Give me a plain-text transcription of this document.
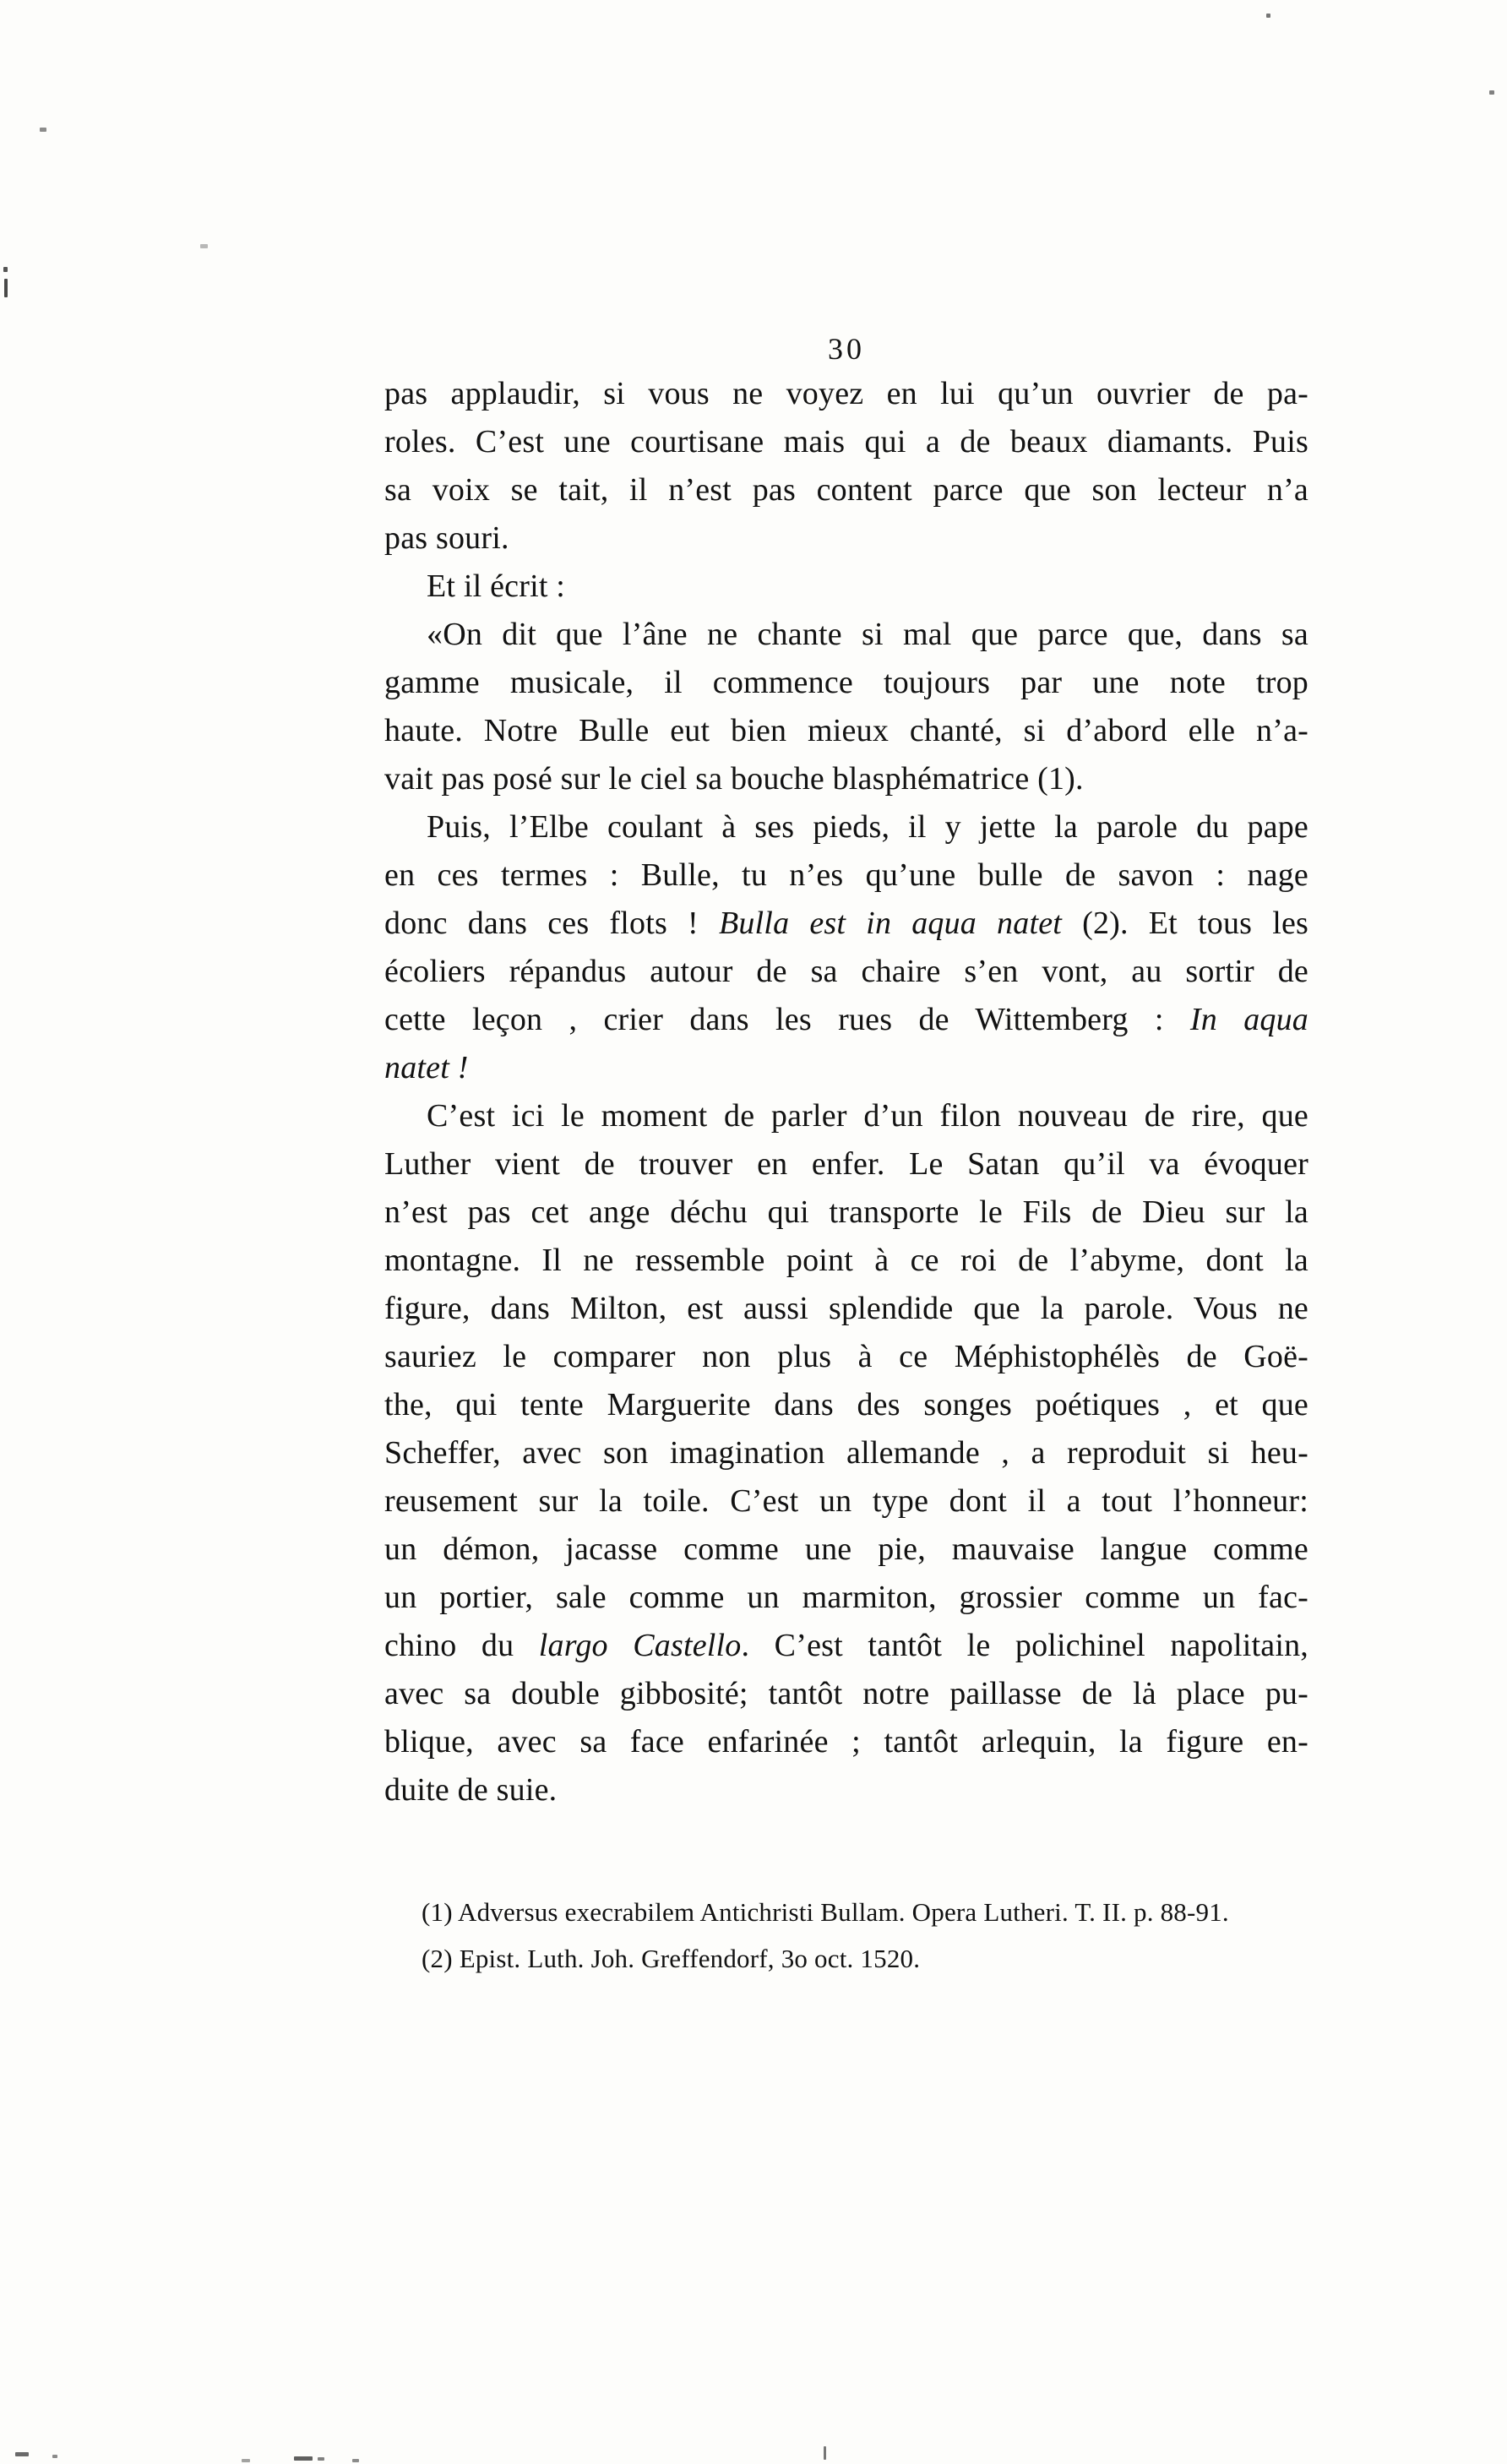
30
pas applaudir, si vous ne voyez en lui qu’un ouvrier de pa-
roles. C’est une courtisane mais qui a de beaux diamants. Puis
sa voix se tait, il n’est pas content parce que son lecteur n’a
pas souri.
Et il écrit :
«On dit que l’âne ne chante si mal que parce que, dans sa
gamme musicale, il commence toujours par une note trop
haute. Notre Bulle eut bien mieux chanté, si d’abord elle n’a-
vait pas posé sur le ciel sa bouche blasphématrice (1).
Puis, l’Elbe coulant à ses pieds, il y jette la parole du pape
en ces termes : Bulle, tu n’es qu’une bulle de savon : nage
donc dans ces flots ! Bulla est in aqua natet (2). Et tous les
écoliers répandus autour de sa chaire s’en vont, au sortir de
cette leçon , crier dans les rues de Wittemberg : In aqua
natet !
C’est ici le moment de parler d’un filon nouveau de rire, que
Luther vient de trouver en enfer. Le Satan qu’il va évoquer
n’est pas cet ange déchu qui transporte le Fils de Dieu sur la
montagne. Il ne ressemble point à ce roi de l’abyme, dont la
figure, dans Milton, est aussi splendide que la parole. Vous ne
sauriez le comparer non plus à ce Méphistophélès de Goë-
the, qui tente Marguerite dans des songes poétiques , et que
Scheffer, avec son imagination allemande , a reproduit si heu-
reusement sur la toile. C’est un type dont il a tout l’honneur:
un démon, jacasse comme une pie, mauvaise langue comme
un portier, sale comme un marmiton, grossier comme un fac-
chino du largo Castello. C’est tantôt le polichinel napolitain,
avec sa double gibbosité; tantôt notre paillasse de lȧ place pu-
blique, avec sa face enfarinée ; tantôt arlequin, la figure en-
duite de suie.
(1) Adversus execrabilem Antichristi Bullam. Opera Lutheri. T. II. p. 88-91.
(2) Epist. Luth. Joh. Greffendorf, 3o oct. 1520.
